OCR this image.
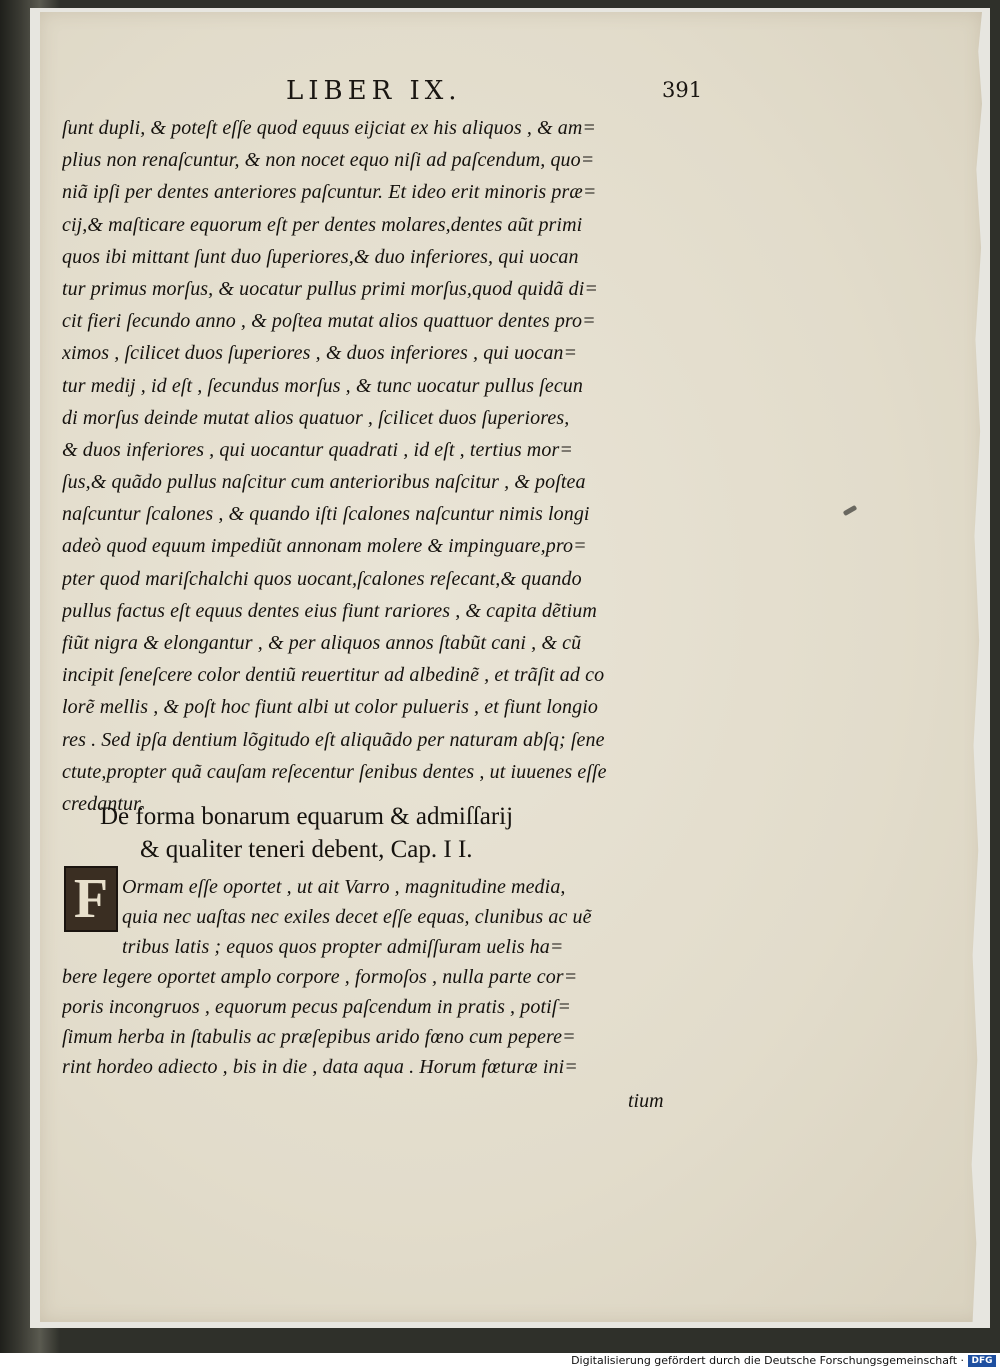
LIBER IX.	391
ſunt dupli, & poteſt eſſe quod equus eijciat ex his aliquos , & am=
plius non renaſcuntur, & non nocet equo niſi ad paſcendum, quo=
niã ipſi per dentes anteriores paſcuntur. Et ideo erit minoris præ=
cij,& maſticare equorum eſt per dentes molares,dentes aũt primi
quos ibi mittant ſunt duo ſuperiores,& duo inferiores, qui uocan
tur primus morſus, & uocatur pullus primi morſus,quod quidã di=
cit fieri ſecundo anno , & poſtea mutat alios quattuor dentes pro=
ximos , ſcilicet duos ſuperiores , & duos inferiores , qui uocan=
tur medij , id eſt , ſecundus morſus , & tunc uocatur pullus ſecun
di morſus deinde mutat alios quatuor , ſcilicet duos ſuperiores,
& duos inferiores , qui uocantur quadrati , id eſt , tertius mor=
ſus,& quãdo pullus naſcitur cum anterioribus naſcitur , & poſtea
naſcuntur ſcalones , & quando iſti ſcalones naſcuntur nimis longi
adeò quod equum impediũt annonam molere & impinguare,pro=
pter quod mariſchalchi quos uocant,ſcalones reſecant,& quando
pullus factus eſt equus dentes eius fiunt rariores , & capita dẽtium
fiũt nigra & elongantur , & per aliquos annos ſtabũt cani , & cũ
incipit ſeneſcere color dentiũ reuertitur ad albedinẽ , et trãſit ad co
lorẽ mellis , & poſt hoc fiunt albi ut color pulueris , et fiunt longio
res . Sed ipſa dentium lõgitudo eſt aliquãdo per naturam abſq; ſene
ctute,propter quã cauſam reſecentur ſenibus dentes , ut iuuenes eſſe
credantur.
De forma bonarum equarum & admiſſarij
& qualiter teneri debent, Cap. I I.
F Ormam eſſe oportet , ut ait Varro , magnitudine media,
quia nec uaſtas nec exiles decet eſſe equas, clunibus ac uẽ
tribus latis ; equos quos propter admiſſuram uelis ha=
bere legere oportet amplo corpore , formoſos , nulla parte cor=
poris incongruos , equorum pecus paſcendum in pratis , potiſ=
ſimum herba in ſtabulis ac præſepibus arido fœno cum pepere=
rint hordeo adiecto , bis in die , data aqua . Horum fœturæ ini=
tium
Digitalisierung gefördert durch die Deutsche Forschungsgemeinschaft · DFG
